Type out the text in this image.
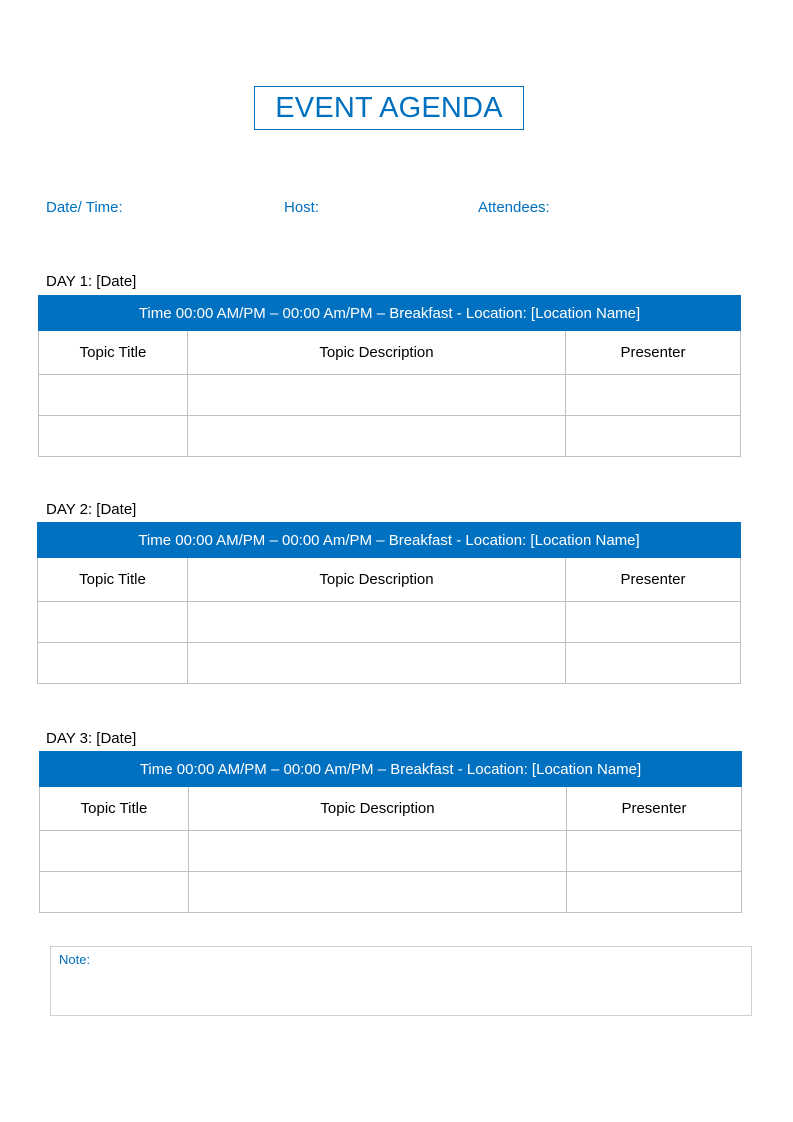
EVENT AGENDA
Date/ Time:	Host:	Attendees:
DAY 1: [Date]
Time 00:00 AM/PM – 00:00 Am/PM – Breakfast - Location: [Location Name]		
Topic Title	Topic Description	Presenter

DAY 2: [Date]
Time 00:00 AM/PM – 00:00 Am/PM – Breakfast - Location: [Location Name]		
Topic Title	Topic Description	Presenter

DAY 3: [Date]
Time 00:00 AM/PM – 00:00 Am/PM – Breakfast - Location: [Location Name]		
Topic Title	Topic Description	Presenter

Note:
